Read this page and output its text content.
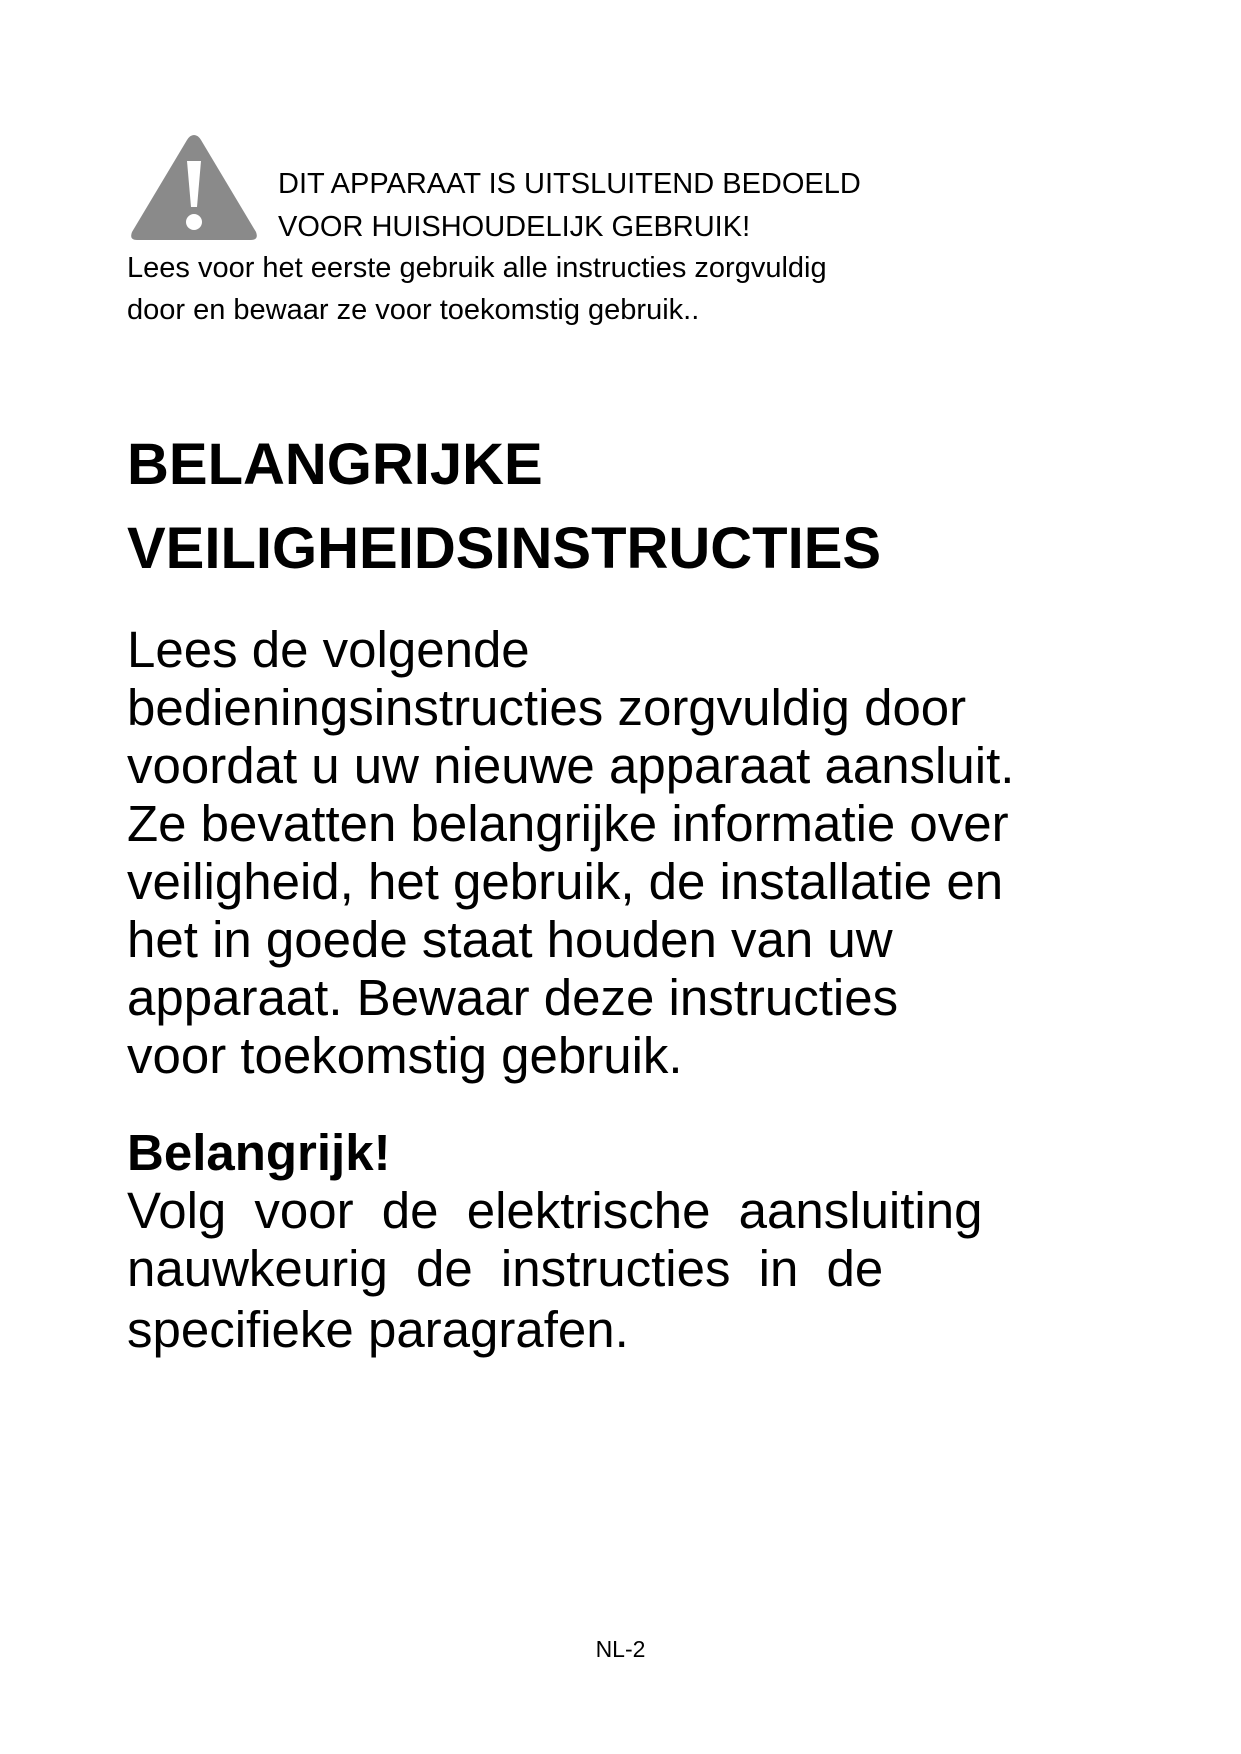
DIT APPARAAT IS UITSLUITEND BEDOELD
VOOR HUISHOUDELIJK GEBRUIK!
Lees voor het eerste gebruik alle instructies zorgvuldig
door en bewaar ze voor toekomstig gebruik..
BELANGRIJKE
VEILIGHEIDSINSTRUCTIES
Lees de volgende
bedieningsinstructies zorgvuldig door
voordat u uw nieuwe apparaat aansluit.
Ze bevatten belangrijke informatie over
veiligheid, het gebruik, de installatie en
het in goede staat houden van uw
apparaat. Bewaar deze instructies
voor toekomstig gebruik.
Belangrijk!
Volg voor de elektrische aansluiting
nauwkeurig de instructies in de
specifieke paragrafen.
NL-2
